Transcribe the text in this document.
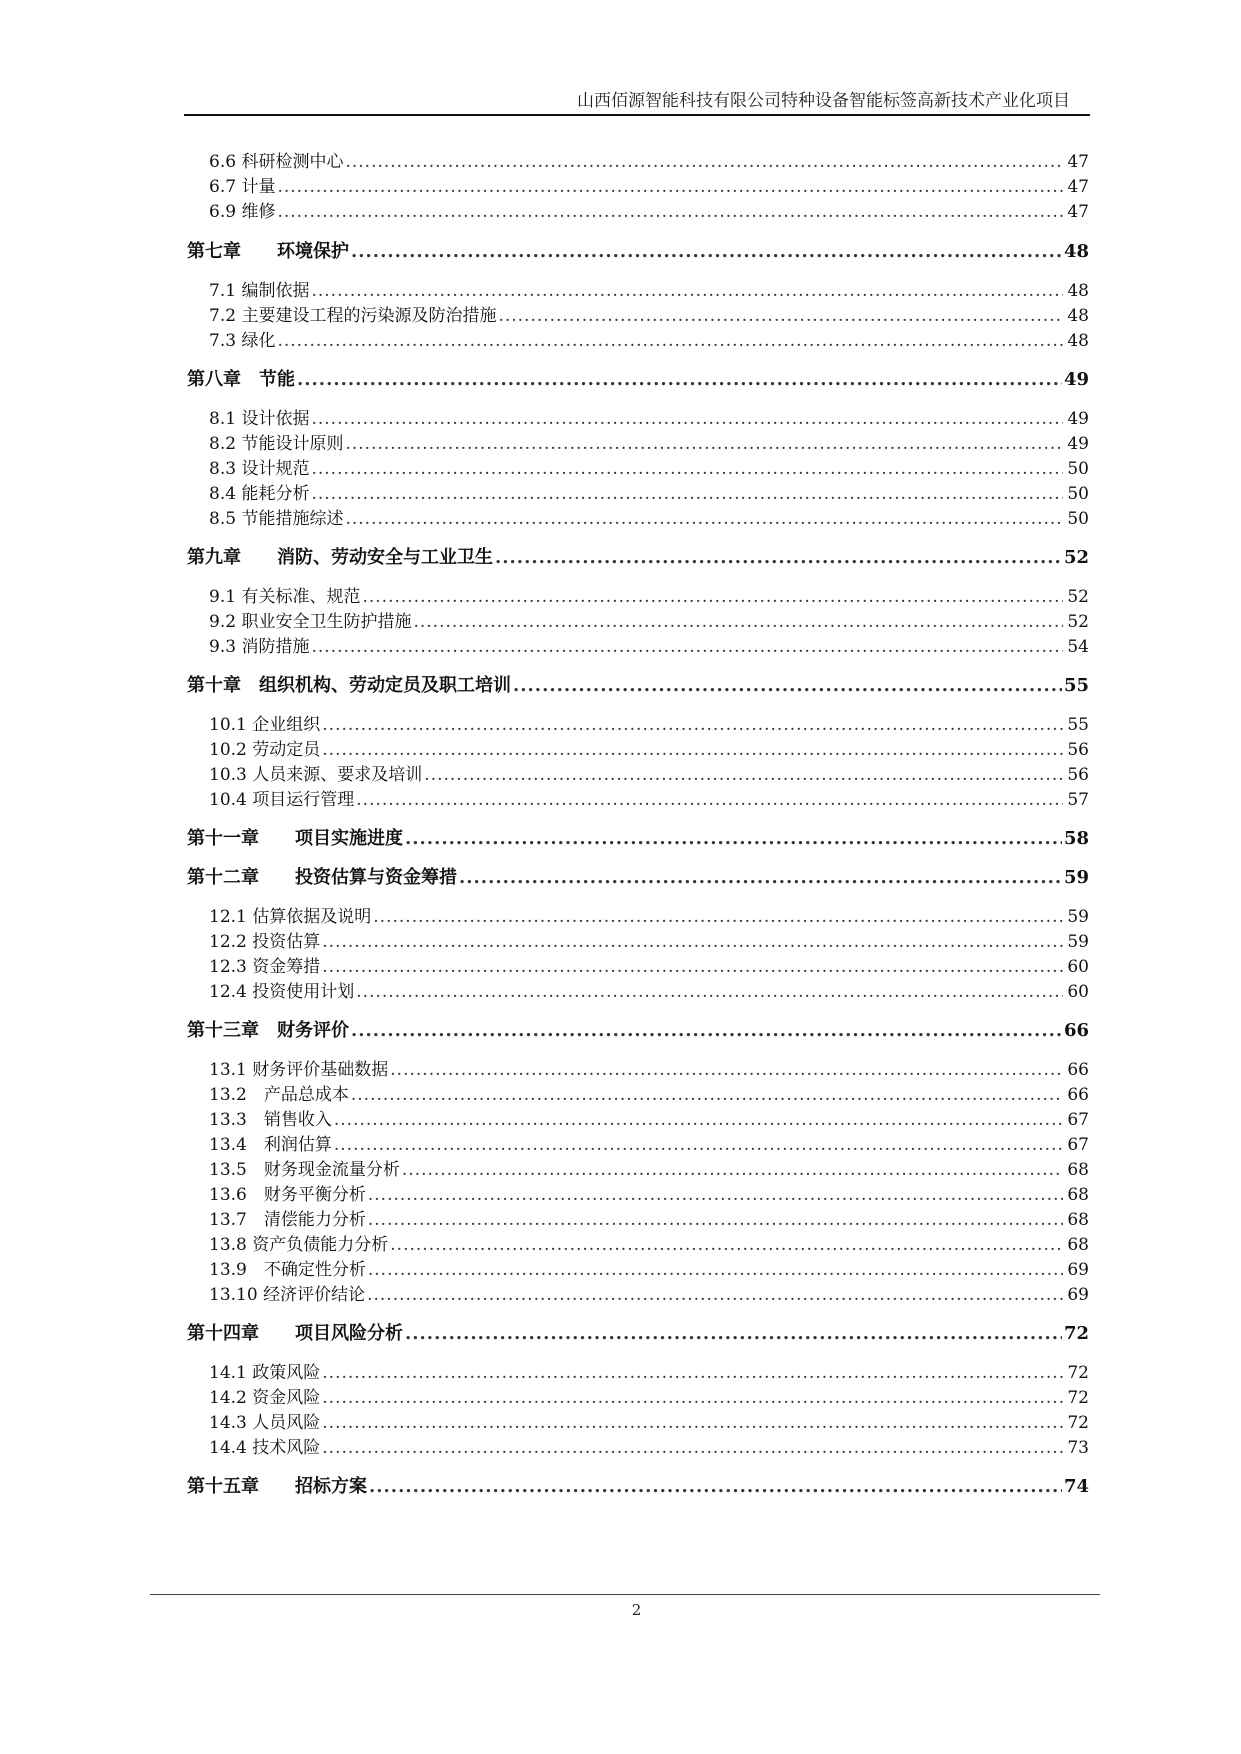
山西佰源智能科技有限公司特种设备智能标签高新技术产业化项目
6.6 科研检测中心 .....	47
6.7 计量 .....	47
6.9 维修 .....	47
第七章　　环境保护 .....	48
7.1 编制依据 .....	48
7.2 主要建设工程的污染源及防治措施 .....	48
7.3 绿化 .....	48
第八章　节能 .....	49
8.1 设计依据 .....	49
8.2 节能设计原则 .....	49
8.3 设计规范 .....	50
8.4 能耗分析 .....	50
8.5 节能措施综述 .....	50
第九章　　消防、劳动安全与工业卫生 .....	52
9.1 有关标准、规范 .....	52
9.2 职业安全卫生防护措施 .....	52
9.3 消防措施 .....	54
第十章　组织机构、劳动定员及职工培训 .....	55
10.1 企业组织 .....	55
10.2 劳动定员 .....	56
10.3 人员来源、要求及培训 .....	56
10.4 项目运行管理 .....	57
第十一章　　项目实施进度 .....	58
第十二章　　投资估算与资金筹措 .....	59
12.1 估算依据及说明 .....	59
12.2 投资估算 .....	59
12.3 资金筹措 .....	60
12.4 投资使用计划 .....	60
第十三章　财务评价 .....	66
13.1 财务评价基础数据 .....	66
13.2　产品总成本 .....	66
13.3　销售收入 .....	67
13.4　利润估算 .....	67
13.5　财务现金流量分析 .....	68
13.6　财务平衡分析 .....	68
13.7　清偿能力分析 .....	68
13.8 资产负债能力分析 .....	68
13.9　不确定性分析 .....	69
13.10 经济评价结论 .....	69
第十四章　　项目风险分析 .....	72
14.1 政策风险 .....	72
14.2 资金风险 .....	72
14.3 人员风险 .....	72
14.4 技术风险 .....	73
第十五章　　招标方案 .....	74
2
